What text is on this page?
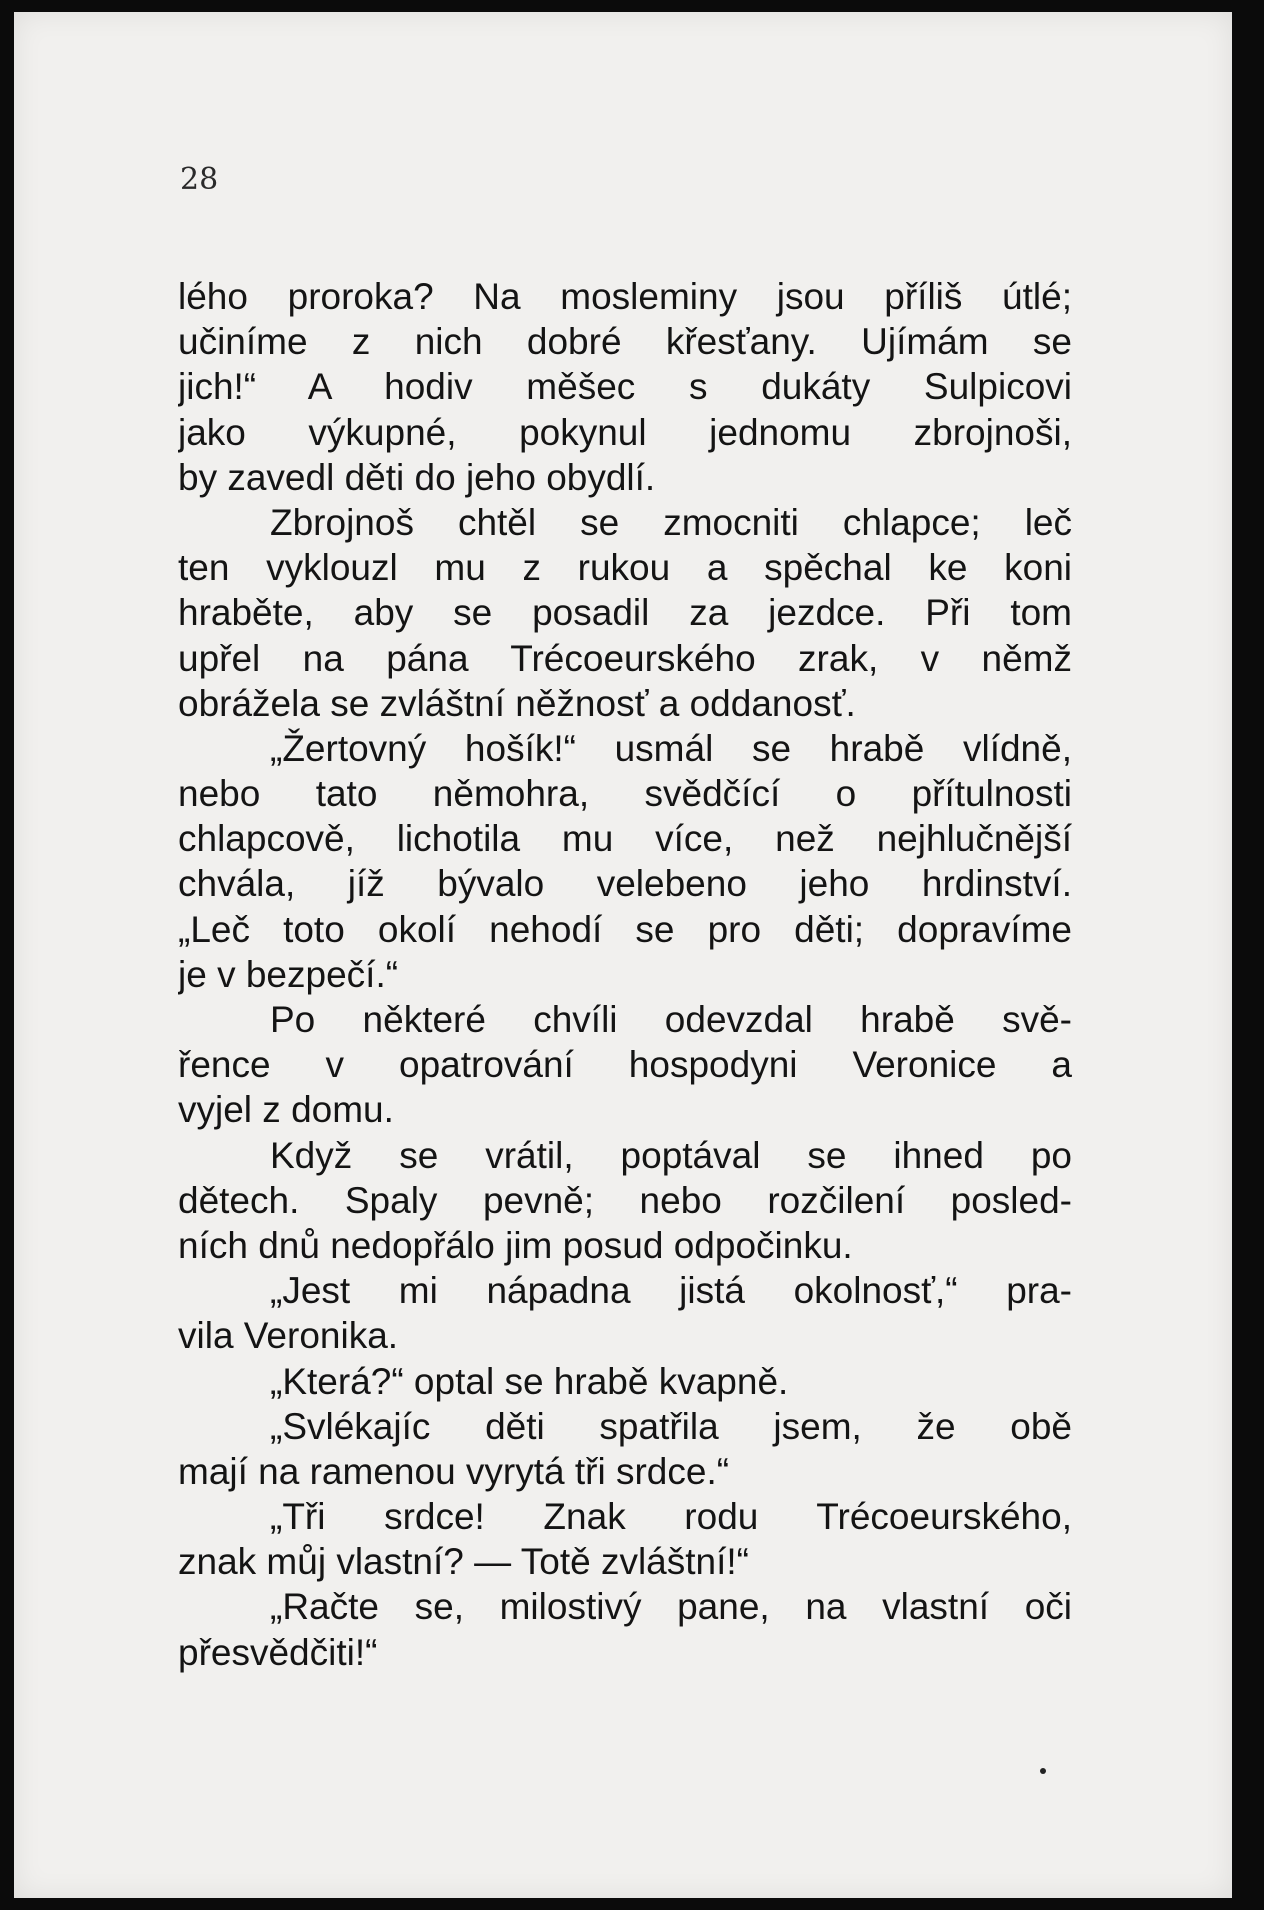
28

lého proroka? Na mosleminy jsou příliš útlé;
učiníme z nich dobré křesťany. Ujímám se
jich!“ A hodiv měšec s dukáty Sulpicovi
jako výkupné, pokynul jednomu zbrojnoši,
by zavedl děti do jeho obydlí.
Zbrojnoš chtěl se zmocniti chlapce; leč
ten vyklouzl mu z rukou a spěchal ke koni
hraběte, aby se posadil za jezdce. Při tom
upřel na pána Trécoeurského zrak, v němž
obrážela se zvláštní něžnosť a oddanosť.
„Žertovný hošík!“ usmál se hrabě vlídně,
nebo tato němohra, svědčící o přítulnosti
chlapcově, lichotila mu více, než nejhlučnější
chvála, jíž bývalo velebeno jeho hrdinství.
„Leč toto okolí nehodí se pro děti; dopravíme
je v bezpečí.“
Po některé chvíli odevzdal hrabě svě-
řence v opatrování hospodyni Veronice a
vyjel z domu.
Když se vrátil, poptával se ihned po
dětech. Spaly pevně; nebo rozčilení posled-
ních dnů nedopřálo jim posud odpočinku.
„Jest mi nápadna jistá okolnosť,“ pra-
vila Veronika.
„Která?“ optal se hrabě kvapně.
„Svlékajíc děti spatřila jsem, že obě
mají na ramenou vyrytá tři srdce.“
„Tři srdce! Znak rodu Trécoeurského,
znak můj vlastní? — Totě zvláštní!“
„Račte se, milostivý pane, na vlastní oči
přesvědčiti!“
